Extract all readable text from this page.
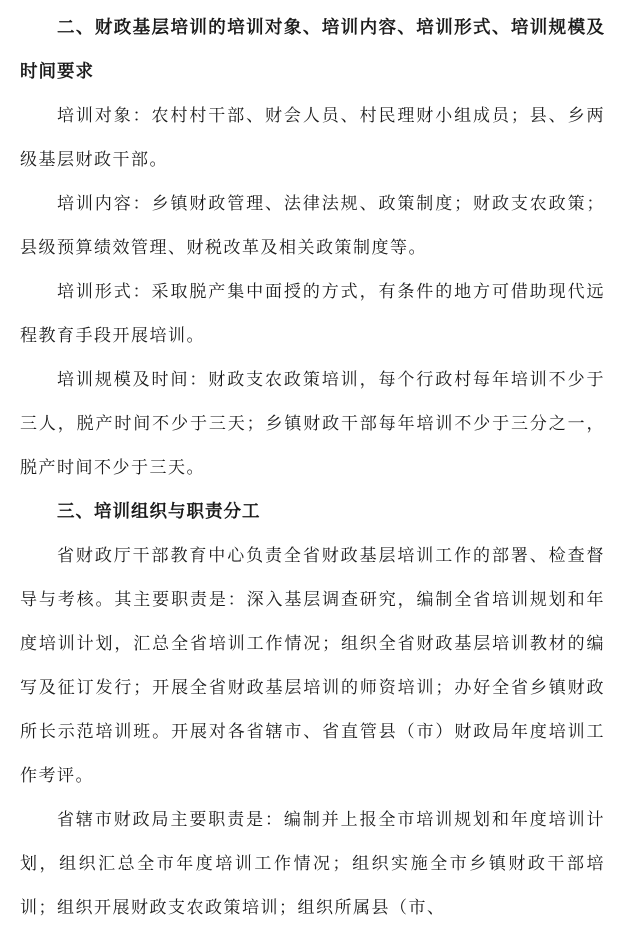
二、财政基层培训的培训对象、培训内容、培训形式、培训规模及时间要求

培训对象：农村村干部、财会人员、村民理财小组成员；县、乡两级基层财政干部。

培训内容：乡镇财政管理、法律法规、政策制度；财政支农政策；县级预算绩效管理、财税改革及相关政策制度等。

培训形式：采取脱产集中面授的方式，有条件的地方可借助现代远程教育手段开展培训。

培训规模及时间：财政支农政策培训，每个行政村每年培训不少于三人，脱产时间不少于三天；乡镇财政干部每年培训不少于三分之一，脱产时间不少于三天。

三、培训组织与职责分工

省财政厅干部教育中心负责全省财政基层培训工作的部署、检查督导与考核。其主要职责是：深入基层调查研究，编制全省培训规划和年度培训计划，汇总全省培训工作情况；组织全省财政基层培训教材的编写及征订发行；开展全省财政基层培训的师资培训；办好全省乡镇财政所长示范培训班。开展对各省辖市、省直管县（市）财政局年度培训工作考评。

省辖市财政局主要职责是：编制并上报全市培训规划和年度培训计划，组织汇总全市年度培训工作情况；组织实施全市乡镇财政干部培训；组织开展财政支农政策培训；组织所属县（市、
